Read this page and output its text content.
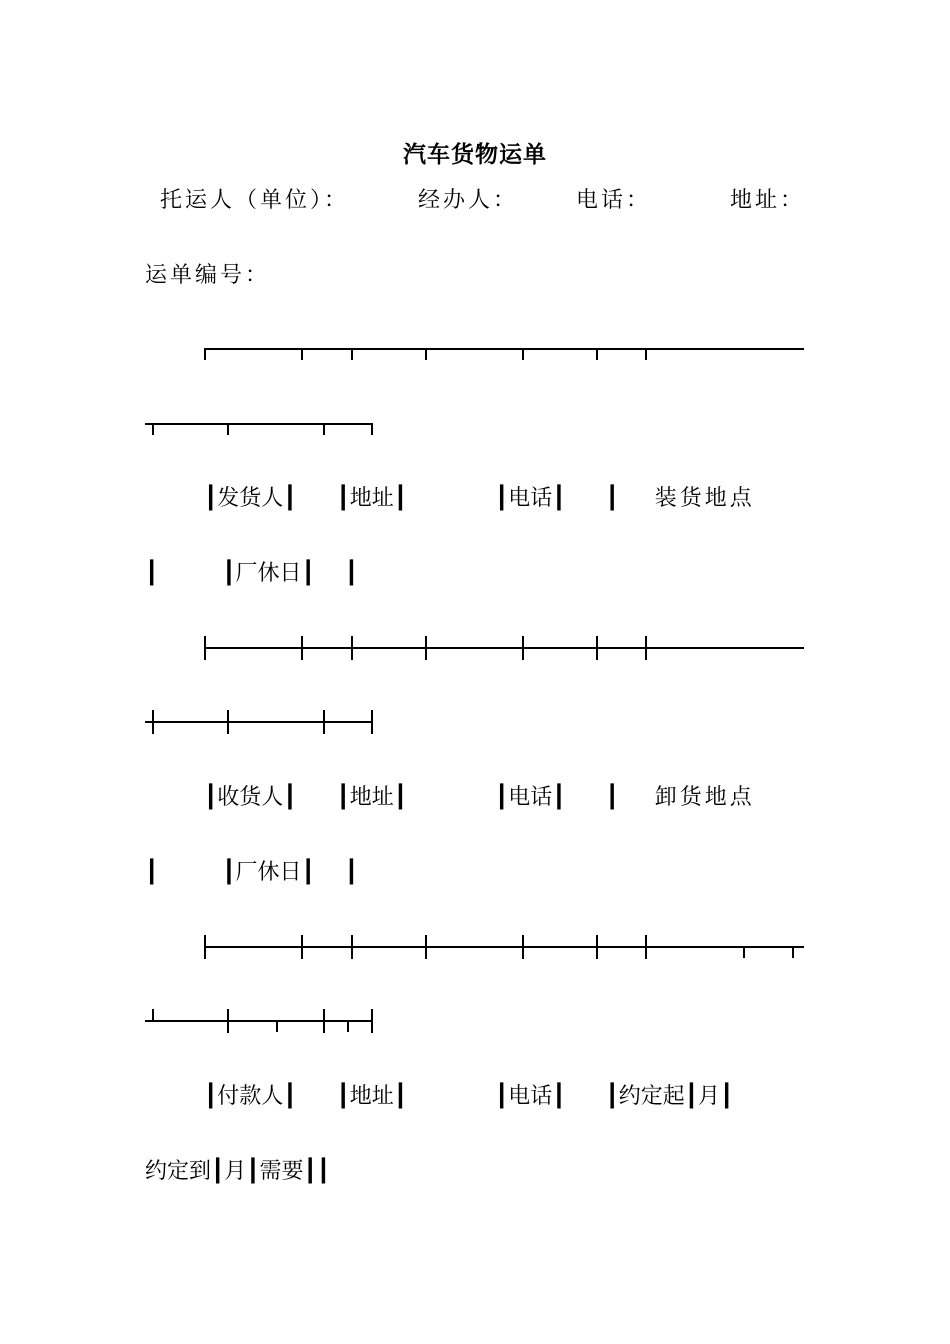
汽车货物运单
托运人（单位）：	经办人：	电话：	地址：
运单编号：
┃发货人┃ ┃地址┃	┃电话┃ ┃ 装货地点
┃	┃厂休日┃ ┃
┃收货人┃ ┃地址┃	┃电话┃ ┃ 卸货地点
┃	┃厂休日┃ ┃
┃付款人┃ ┃地址┃	┃电话┃ ┃约定起┃月┃
约定到┃月┃需要┃┃
